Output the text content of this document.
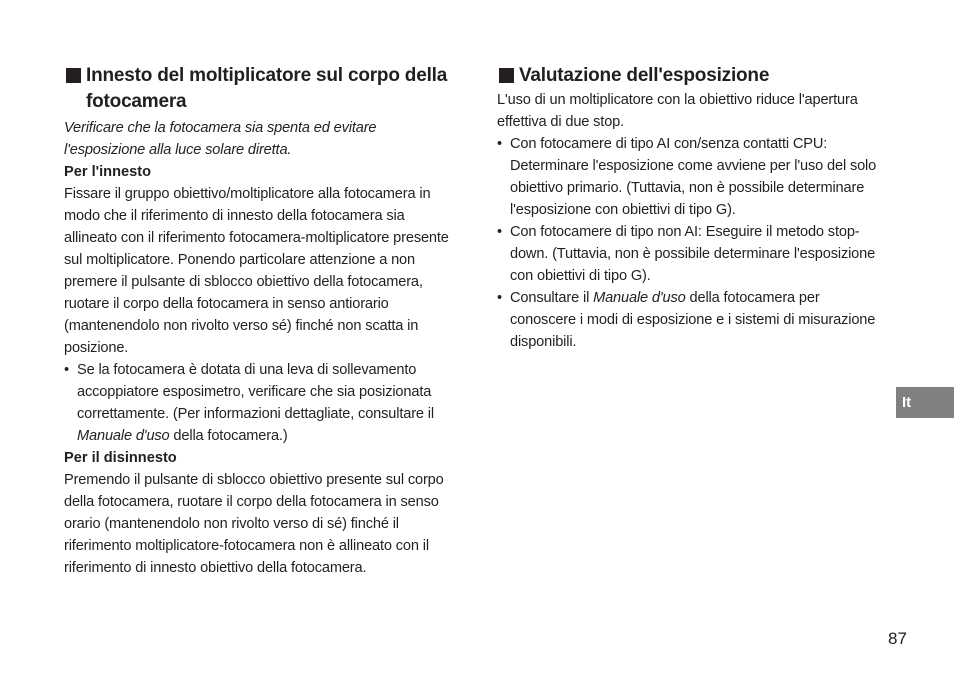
Innesto del moltiplicatore sul corpo della fotocamera

Verificare che la fotocamera sia spenta ed evitare l'esposizione alla luce solare diretta.

Per l'innesto

Fissare il gruppo obiettivo/moltiplicatore alla fotocamera in modo che il riferimento di innesto della fotocamera sia allineato con il riferimento fotocamera-moltiplicatore presente sul moltiplicatore. Ponendo particolare attenzione a non premere il pulsante di sblocco obiettivo della fotocamera, ruotare il corpo della fotocamera in senso antiorario (mantenendolo non rivolto verso sé) finché non scatta in posizione.

• Se la fotocamera è dotata di una leva di sollevamento accoppiatore esposimetro, verificare che sia posizionata correttamente. (Per informazioni dettagliate, consultare il Manuale d'uso della fotocamera.)
Per il disinnesto

Premendo il pulsante di sblocco obiettivo presente sul corpo della fotocamera, ruotare il corpo della fotocamera in senso orario (mantenendolo non rivolto verso di sé) finché il riferimento moltiplicatore-fotocamera non è allineato con il riferimento di innesto obiettivo della fotocamera.

Valutazione dell'esposizione

L'uso di un moltiplicatore con la obiettivo riduce l'apertura effettiva di due stop.

• Con fotocamere di tipo AI con/senza contatti CPU: Determinare l'esposizione come avviene per l'uso del solo obiettivo primario. (Tuttavia, non è possibile determinare l'esposizione con obiettivi di tipo G).
• Con fotocamere di tipo non AI: Eseguire il metodo stop-down. (Tuttavia, non è possibile determinare l'esposizione con obiettivi di tipo G).
• Consultare il Manuale d'uso della fotocamera per conoscere i modi di esposizione e i sistemi di misurazione disponibili.
It
87
